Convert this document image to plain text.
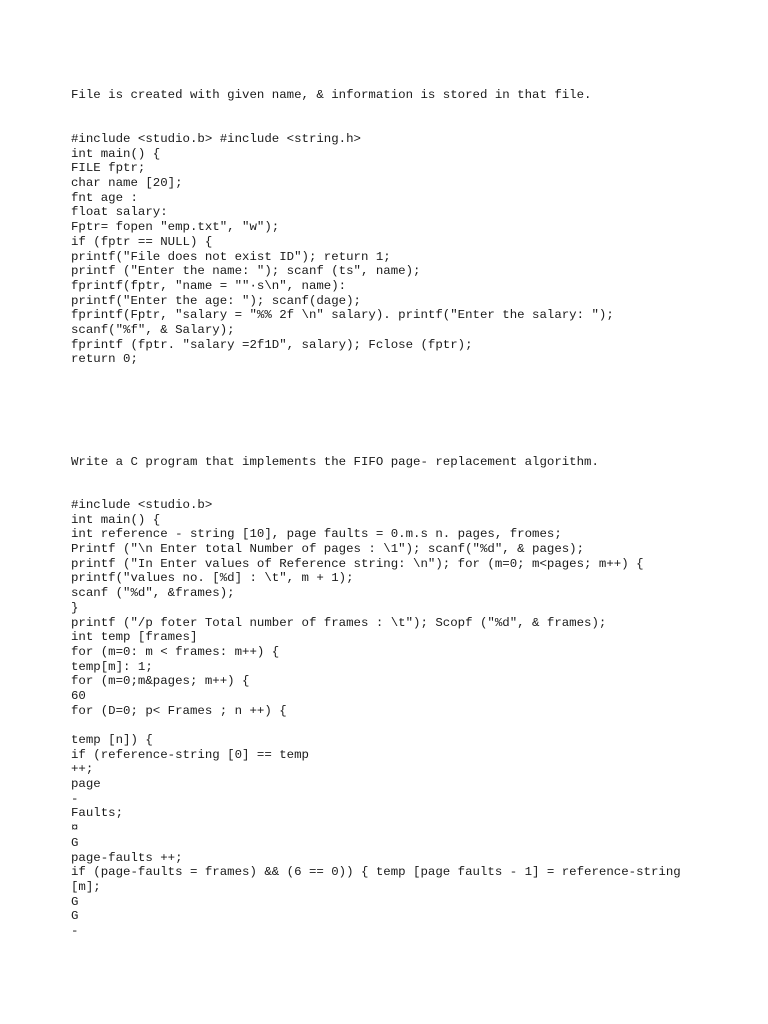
File is created with given name, & information is stored in that file.

#include <studio.b> #include <string.h>
int main() {
FILE fptr;
char name [20];
fnt age :
float salary:
Fptr= fopen "emp.txt", "w");
if (fptr == NULL) {
printf("File does not exist ID"); return 1;
printf ("Enter the name: "); scanf (ts", name);
fprintf(fptr, "name = ""·s\n", name):
printf("Enter the age: "); scanf(dage);
fprintf(Fptr, "salary = "%% 2f \n" salary). printf("Enter the salary: ");
scanf("%f", & Salary);
fprintf (fptr. "salary =2f1D", salary); Fclose (fptr);
return 0;

Write a C program that implements the FIFO page- replacement algorithm.

#include <studio.b>
int main() {
int reference - string [10], page faults = 0.m.s n. pages, fromes;
Printf ("\n Enter total Number of pages : \1"); scanf("%d", & pages);
printf ("In Enter values of Reference string: \n"); for (m=0; m<pages; m++) {
printf("values no. [%d] : \t", m + 1);
scanf ("%d", &frames);
}
printf ("/p foter Total number of frames : \t"); Scopf ("%d", & frames);
int temp [frames]
for (m=0: m < frames: m++) {
temp[m]: 1;
for (m=0;m&pages; m++) {
60
for (D=0; p< Frames ; n ++) {
temp [n]) {
if (reference-string [0] == temp
++;
page
-
Faults;
¤
G
page-faults ++;
if (page-faults = frames) && (6 == 0)) { temp [page faults - 1] = reference-string
[m];
G
G
-
